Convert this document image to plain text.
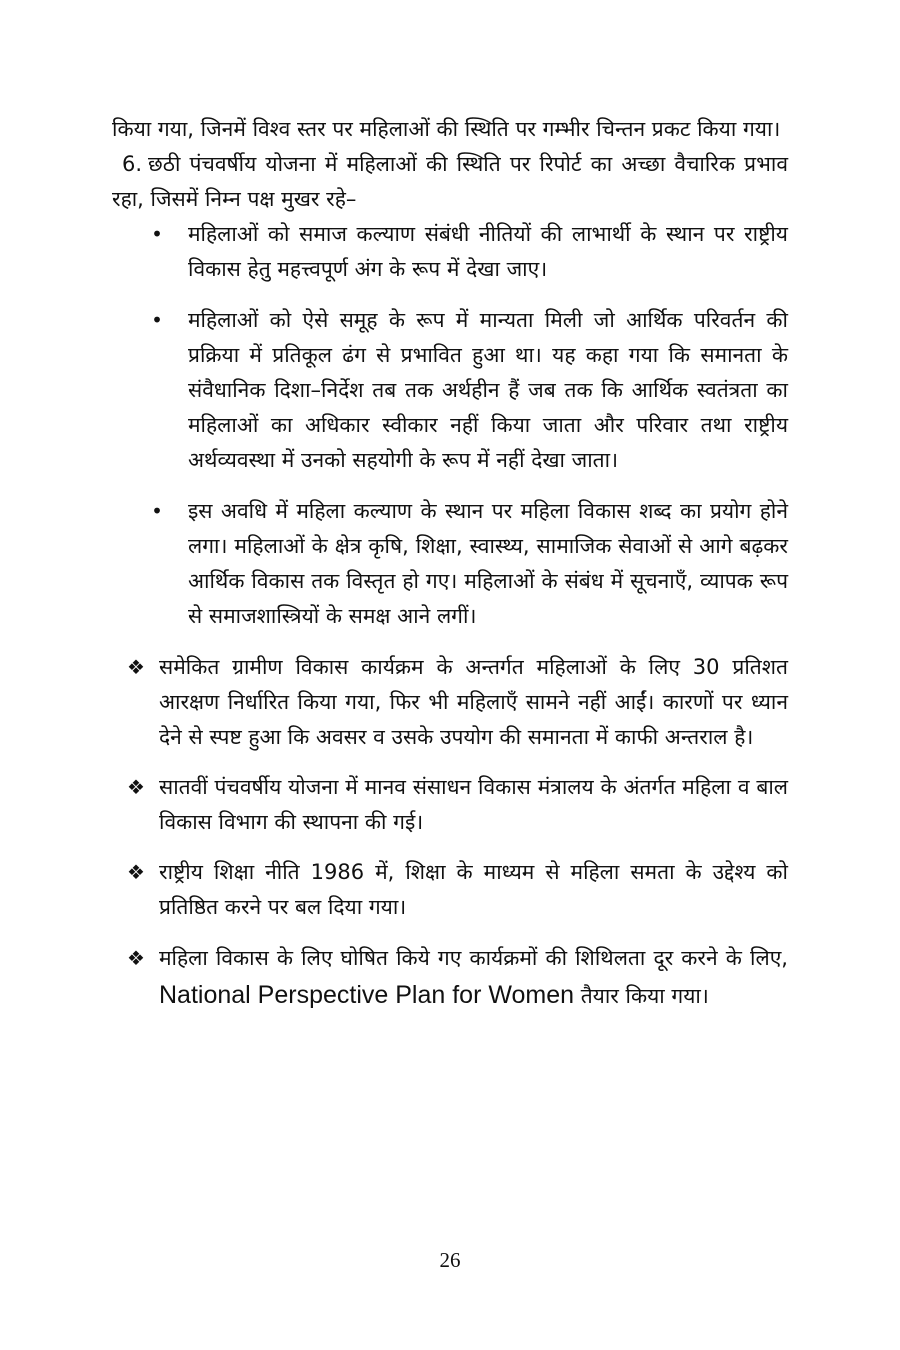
किया गया, जिनमें विश्व स्तर पर महिलाओं की स्थिति पर गम्भीर चिन्तन प्रकट किया गया।

6. छठी पंचवर्षीय योजना में महिलाओं की स्थिति पर रिपोर्ट का अच्छा वैचारिक प्रभाव रहा, जिसमें निम्न पक्ष मुखर रहे–

• महिलाओं को समाज कल्याण संबंधी नीतियों की लाभार्थी के स्थान पर राष्ट्रीय विकास हेतु महत्त्वपूर्ण अंग के रूप में देखा जाए।
• महिलाओं को ऐसे समूह के रूप में मान्यता मिली जो आर्थिक परिवर्तन की प्रक्रिया में प्रतिकूल ढंग से प्रभावित हुआ था। यह कहा गया कि समानता के संवैधानिक दिशा–निर्देश तब तक अर्थहीन हैं जब तक कि आर्थिक स्वतंत्रता का महिलाओं का अधिकार स्वीकार नहीं किया जाता और परिवार तथा राष्ट्रीय अर्थव्यवस्था में उनको सहयोगी के रूप में नहीं देखा जाता।
• इस अवधि में महिला कल्याण के स्थान पर महिला विकास शब्द का प्रयोग होने लगा। महिलाओं के क्षेत्र कृषि, शिक्षा, स्वास्थ्य, सामाजिक सेवाओं से आगे बढ़कर आर्थिक विकास तक विस्तृत हो गए। महिलाओं के संबंध में सूचनाएँ, व्यापक रूप से समाजशास्त्रियों के समक्ष आने लगीं।
❖ समेकित ग्रामीण विकास कार्यक्रम के अन्तर्गत महिलाओं के लिए 30 प्रतिशत आरक्षण निर्धारित किया गया, फिर भी महिलाएँ सामने नहीं आईं। कारणों पर ध्यान देने से स्पष्ट हुआ कि अवसर व उसके उपयोग की समानता में काफी अन्तराल है।
❖ सातवीं पंचवर्षीय योजना में मानव संसाधन विकास मंत्रालय के अंतर्गत महिला व बाल विकास विभाग की स्थापना की गई।
❖ राष्ट्रीय शिक्षा नीति 1986 में, शिक्षा के माध्यम से महिला समता के उद्देश्य को प्रतिष्ठित करने पर बल दिया गया।
❖ महिला विकास के लिए घोषित किये गए कार्यक्रमों की शिथिलता दूर करने के लिए, National Perspective Plan for Women तैयार किया गया।
26
